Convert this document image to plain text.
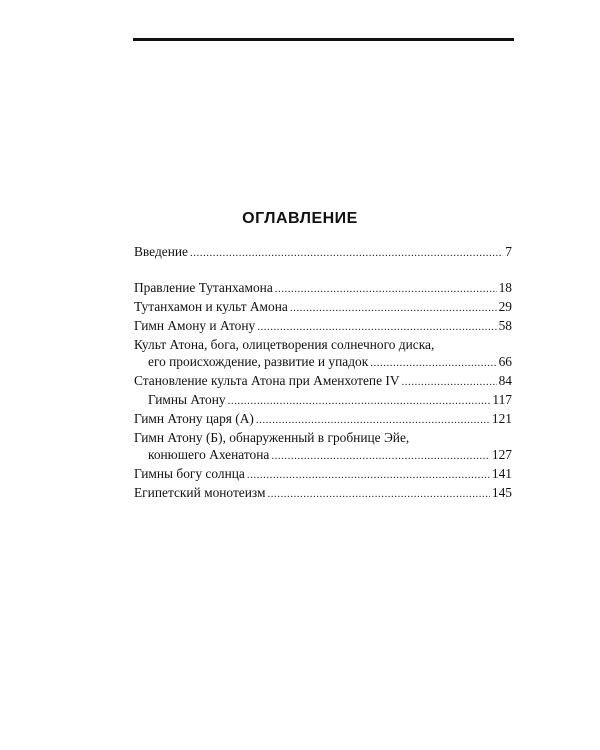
ОГЛАВЛЕНИЕ
Введение .....	7
Правление Тутанхамона .....	18
Тутанхамон и культ Амона .....	29
Гимн Амону и Атону .....	58
Культ Атона, бога, олицетворения солнечного диска,
его происхождение, развитие и упадок .....	66
Становление культа Атона при Аменхотепе IV .....	84
Гимны Атону .....	117
Гимн Атону царя (А) .....	121
Гимн Атону (Б), обнаруженный в гробнице Эйе,
конюшего Ахенатона .....	127
Гимны богу солнца .....	141
Египетский монотеизм .....	145
